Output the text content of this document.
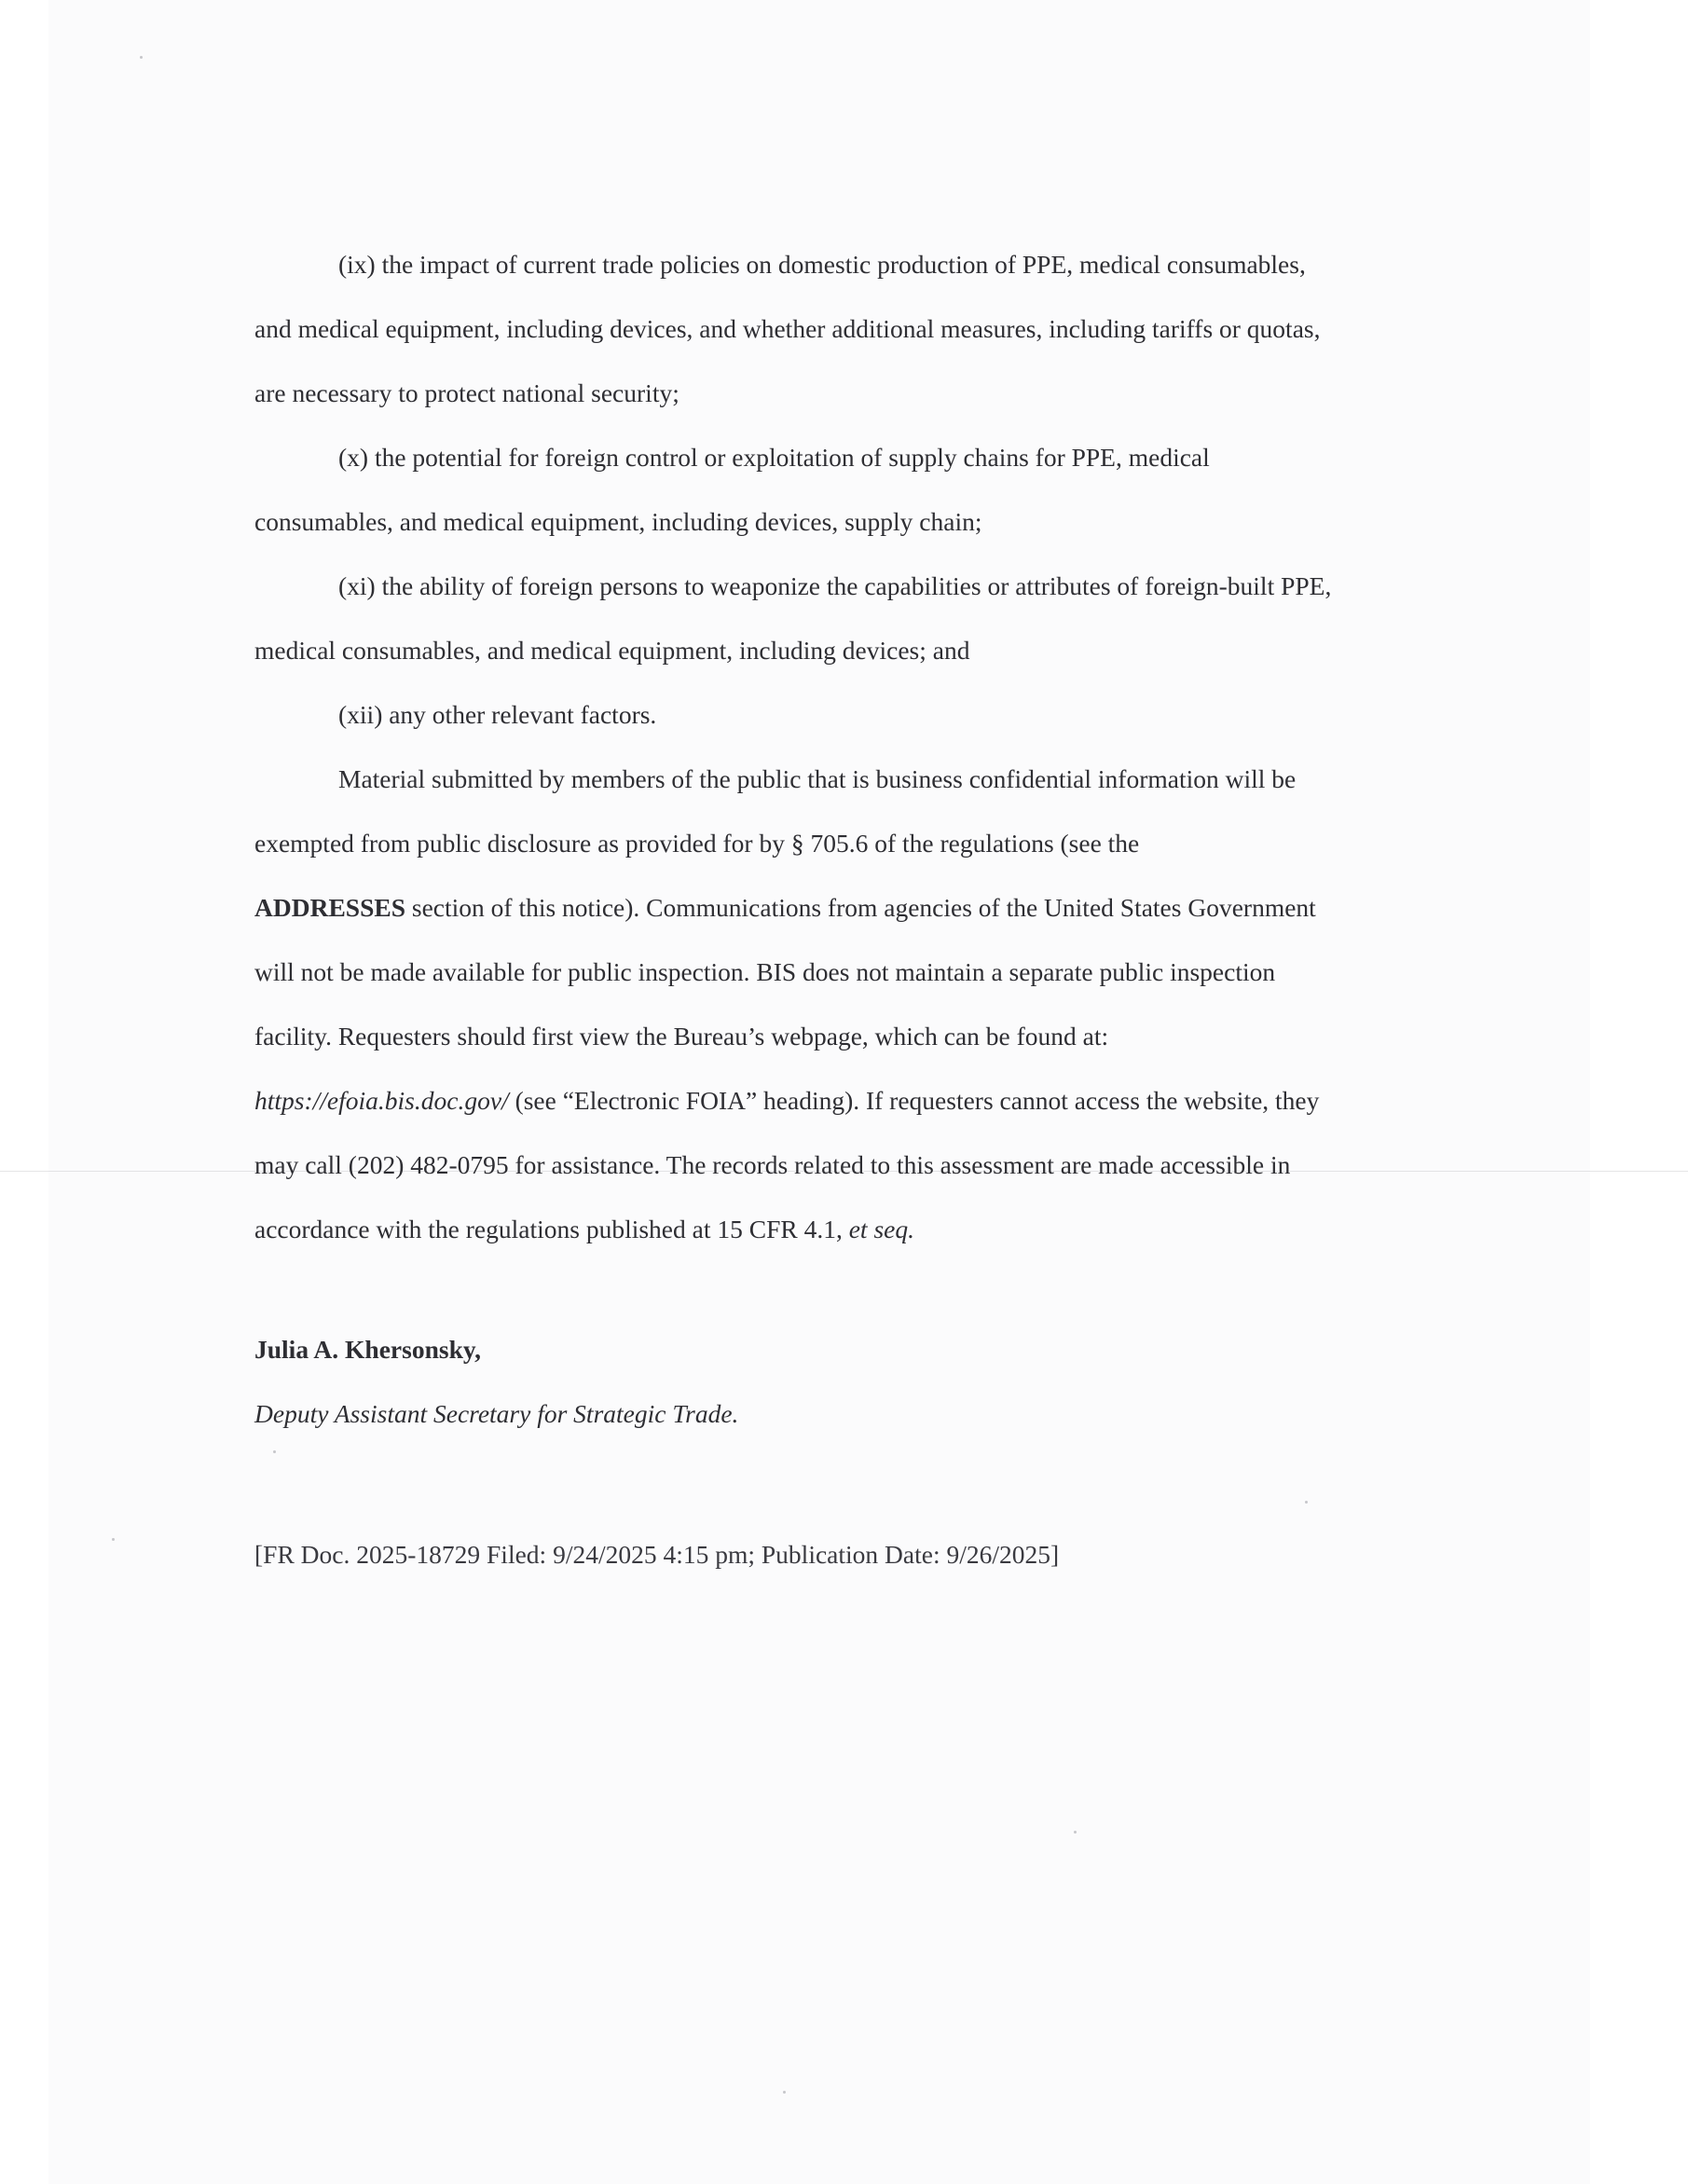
(ix) the impact of current trade policies on domestic production of PPE, medical consumables, and medical equipment, including devices, and whether additional measures, including tariffs or quotas, are necessary to protect national security;

(x) the potential for foreign control or exploitation of supply chains for PPE, medical consumables, and medical equipment, including devices, supply chain;

(xi) the ability of foreign persons to weaponize the capabilities or attributes of foreign-built PPE, medical consumables, and medical equipment, including devices; and

(xii) any other relevant factors.

Material submitted by members of the public that is business confidential information will be exempted from public disclosure as provided for by § 705.6 of the regulations (see the
ADDRESSES section of this notice). Communications from agencies of the United States Government will not be made available for public inspection. BIS does not maintain a separate public inspection facility. Requesters should first view the Bureau’s webpage, which can be found at: https://efoia.bis.doc.gov/ (see “Electronic FOIA” heading). If requesters cannot access the website, they may call (202) 482-0795 for assistance. The records related to this assessment are made accessible in accordance with the regulations published at 15 CFR 4.1, et seq.

Julia A. Khersonsky,
Deputy Assistant Secretary for Strategic Trade.
[FR Doc. 2025-18729 Filed: 9/24/2025 4:15 pm; Publication Date: 9/26/2025]
